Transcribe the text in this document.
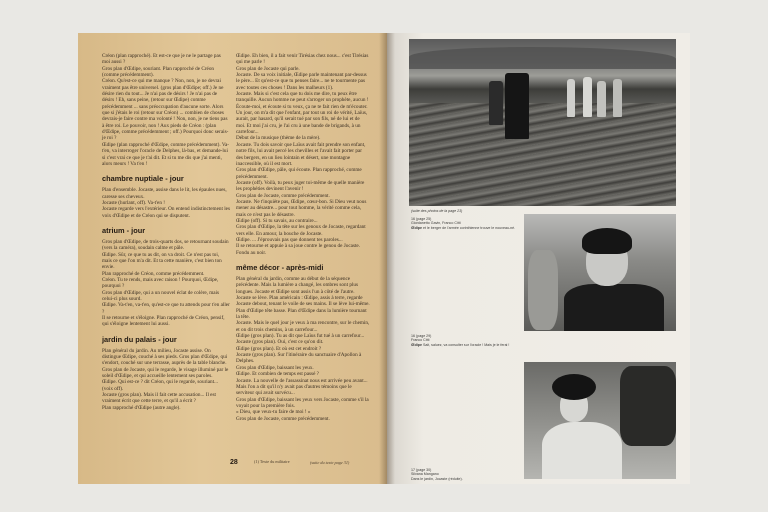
Créon (plan rapproché). Et est-ce que je ne le partage pas moi aussi ?

Gros plan d'Œdipe, souriant. Plan rapproché de Créon (comme précédemment).

Créon. Qu'est-ce qui me manque ? Non, non, je ne devrai vraiment pas être universel. (gros plan d'Œdipe; off.) Je ne désire rien du tout... Je n'ai pas de désirs ! Je n'ai pas de désirs ! Eh, sans peine, (retour sur Œdipe) comme précédemment ... sans préoccupation d'aucune sorte. Alors que si j'étais le roi (retour sur Créon) ... combien de choses devrais-je faire contre ma volonté ! Non, non, je ne tiens pas à être roi. Le pouvoir, non ! Aux pieds de Créon : (plan d'Œdipe, comme précédemment ; off.) Pourquoi donc serais-je roi ?

Œdipe (plan rapproché d'Œdipe, comme précédemment). Va-t'en, va interroger l'oracle de Delphes, là-bas, et demande-lui si c'est vrai ce que je t'ai dit. Et si tu me dis que j'ai menti, alors meurs ! Va t'en !

chambre nuptiale - jour

Plan d'ensemble. Jocaste, assise dans le lit, les épaules nues, caresse ses cheveux.

Jocaste (hurlant, off). Va-t'en !

Jocaste regarde vers l'extérieur. On entend indistinctement les voix d'Œdipe et de Créon qui se disputent.

atrium - jour

Gros plan d'Œdipe, de trois-quarts dos, se retournant soudain (vers la caméra), soudain calme et pâle.

Œdipe. Sûr, ce que tu as dit, on va droit. Ce n'est pas toi, mais ce que l'on m'a dit. Et ta cette manière, c'est bien ton envie.

Plan rapproché de Créon, comme précédemment.

Créon. Tu te rends, mais avec raison ! Pourquoi, Œdipe, pourquoi ?

Gros plan d'Œdipe, qui a un nouvel éclat de colère, mais celui-ci plus sourd.

Œdipe. Va-t'en, va-t'en, qu'est-ce que tu attends pour t'en aller ?

Il se retourne et s'éloigne. Plan rapproché de Créon, pensif, qui s'éloigne lentement lui aussi.

jardin du palais - jour

Plan général du jardin. Au milieu, Jocaste assise. On distingue Œdipe, couché à ses pieds. Gros plan d'Œdipe, qui s'endort, couché sur une terrasse, auprès de la table blanche. Gros plan de Jocaste, qui le regarde, le visage illuminé par le soleil d'Œdipe, et qui accueille lentement ses paroles.

Œdipe. Qui est-ce ? dit Créon, qui le regarde, souriant... (voix off).

Jocaste (gros plan). Mais il fait cette accusation... Il est vraiment écrit que cette terre, et qu'il a écrit ?

Plan rapproché d'Œdipe (autre angle).

Œdipe. Eh bien, il a fait venir Tirésias chez nous... c'est Tirésias qui me parle !

Gros plan de Jocaste qui parle.

Jocaste. De sa voix initiale, Œdipe parle maintenant par-dessus le père... Et qu'est-ce que tu penses faire... ne te tourmente pas avec toutes ces choses ! Dans les malheurs (1).

Jocaste. Mais si c'est cela que tu dois me dire, tu peux être tranquille. Aucun homme ne peut s'arroger un prophète, aucun ! Écoute-moi, et écoute si tu veux, ça ne te fait rien de m'écouter. Un jour, on m'a dit que l'enfant, par tout un roi de vérité, Laïus, aurait, par hasard, qu'il serait tué par son fils, né de lui et de moi. Et moi j'ai cru, je l'ai cru à une bande de brigands, à un carrefour...

Début de la musique (thème de la mère).

Jocaste. Tu dois savoir que Laïus avait fait prendre son enfant, notre fils, lui avait percé les chevilles et l'avait fait porter par des bergers, en un lieu lointain et désert, une montagne inaccessible, où il est mort.

Gros plan d'Œdipe, pâle, qui écoute. Plan rapproché, comme précédemment.

Jocaste (off). Voilà, tu peux juger toi-même de quelle manière les prophéties devinent l'avenir !

Gros plan de Jocaste, comme précédemment.

Jocaste. Ne t'inquiète pas, Œdipe, cœur-bon. Si Dieu veut nous mener au désastre... pour tout homme, la vérité comme cela, mais ce n'est pas le désastre.

Œdipe (off). Si tu savais, au contraire...

Gros plan d'Œdipe, la tête sur les genoux de Jocaste, regardant vers elle. En amour, la bouche de Jocaste.

Œdipe. ... J'éprouvais pas que donnent tes paroles...

Il se retourne et appuie à sa joue contre le genou de Jocaste. Fondu au noir.

même décor - après-midi

Plan général du jardin, comme au début de la séquence précédente. Mais la lumière a changé, les ombres sont plus longues. Jocaste et Œdipe sont assis l'un à côté de l'autre. Jocaste se lève. Plan américain : Œdipe, assis à terre, regarde Jocaste debout, tenant le voile de ses mains. Il se lève lui-même. Plan d'Œdipe tête basse. Plan d'Œdipe dans la lumière tournant la tête.

Jocaste. Mais le quel jour je veux à ma rencontre, sur le chemin, et on dit trois chemins, à un carrefour...

Œdipe (gros plan). Tu as dit que Laïus fut tué à un carrefour...

Jocaste (gros plan). Oui, c'est ce qu'on dit.

Œdipe (gros plan). Et où est cet endroit ?

Jocaste (gros plan). Sur l'itinéraire du sanctuaire d'Apollon à Delphes.

Gros plan d'Œdipe, baissant les yeux.

Œdipe. Et combien de temps est passé ?

Jocaste. La nouvelle de l'assassinat nous est arrivée peu avant... Mais l'on a dit qu'il n'y avait pas d'autres témoins que le serviteur qui avait survécu...

Gros plan d'Œdipe, baissant les yeux vers Jocaste, comme s'il la voyait pour la première fois.

« Dieu, que veux-tu faire de moi ! »

Gros plan de Jocaste, comme précédemment.

28	(1) Texte du militaire	(suite du texte page 31)
(suite des photos de la page 23)
16 (page 25)
Giordanetto Gavin, Franco Citti
Œdipe et le berger de l'armée corinthienne trouve le nouveau-né.
16 (page 29)
Franco Citti
Œdipe Sait, saluez, va consulter sur l'oracle ! Mais je le ferai !
17 (page 30)
Silvana Mangano
Dans le jardin, Jocaste (réduite).
